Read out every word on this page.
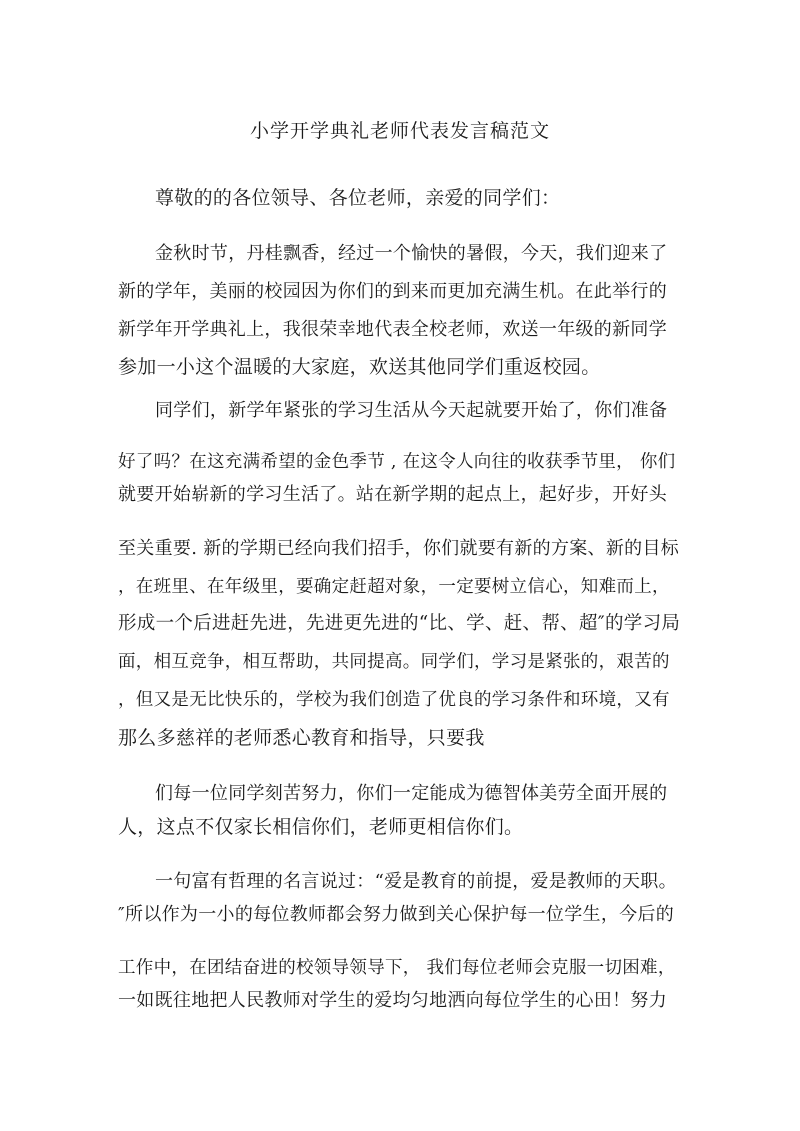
小学开学典礼老师代表发言稿范文
尊敬的的各位领导、各位老师，亲爱的同学们：
金秋时节，丹桂飘香，经过一个愉快的暑假，今天，我们迎来了
新的学年，美丽的校园因为你们的到来而更加充满生机。在此举行的
新学年开学典礼上，我很荣幸地代表全校老师，欢送一年级的新同学
参加一小这个温暖的大家庭，欢送其他同学们重返校园。
同学们，新学年紧张的学习生活从今天起就要开始了，你们准备
好了吗？在这充满希望的金色季节 , 在这令人向往的收获季节里， 你们
就要开始崭新的学习生活了。站在新学期的起点上，起好步，开好头
至关重要. 新的学期已经向我们招手，你们就要有新的方案、新的目标
，在班里、在年级里，要确定赶超对象，一定要树立信心，知难而上，
形成一个后进赶先进，先进更先进的“比、学、赶、帮、超″的学习局
面，相互竞争，相互帮助，共同提高。同学们，学习是紧张的，艰苦的
，但又是无比快乐的，学校为我们创造了优良的学习条件和环境，又有
那么多慈祥的老师悉心教育和指导，只要我
们每一位同学刻苦努力，你们一定能成为德智体美劳全面开展的
人，这点不仅家长相信你们，老师更相信你们。
一句富有哲理的名言说过：“爱是教育的前提，爱是教师的天职。
″所以作为一小的每位教师都会努力做到关心保护每一位学生，今后的
工作中，在团结奋进的校领导领导下， 我们每位老师会克服一切困难，
一如既往地把人民教师对学生的爱均匀地洒向每位学生的心田！努力
